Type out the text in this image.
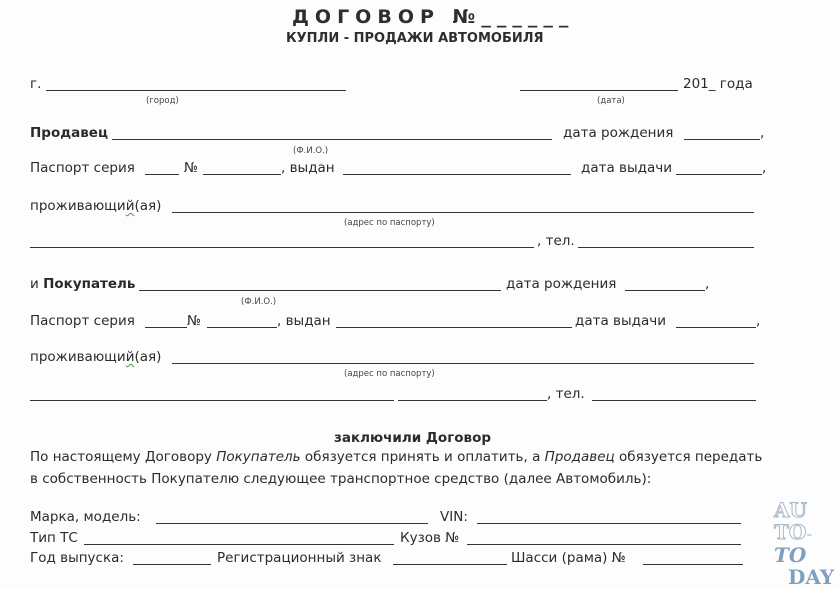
ДОГОВОР №______
КУПЛИ - ПРОДАЖИ АВТОМОБИЛЯ
г.
(город)	(дата)
201_ года
Продавец
(Ф.И.О.)
дата рождения	,
Паспорт серия	№	, выдан	дата выдачи	,
проживающий(ая)
(адрес по паспорту)
, тел.
и Покупатель
(Ф.И.О.)
дата рождения	,
Паспорт серия	№	, выдан	дата выдачи	,
проживающий(ая)
(адрес по паспорту)
, тел.
заключили Договор
По настоящему Договору Покупатель обязуется принять и оплатить, а Продавец обязуется передать
в собственность Покупателю следующее транспортное средство (далее Автомобиль):
Марка, модель:	VIN:
Тип ТС	Кузов №
Год выпуска:	Регистрационный знак	Шасси (рама) №
AU
TO-TO
DAY
